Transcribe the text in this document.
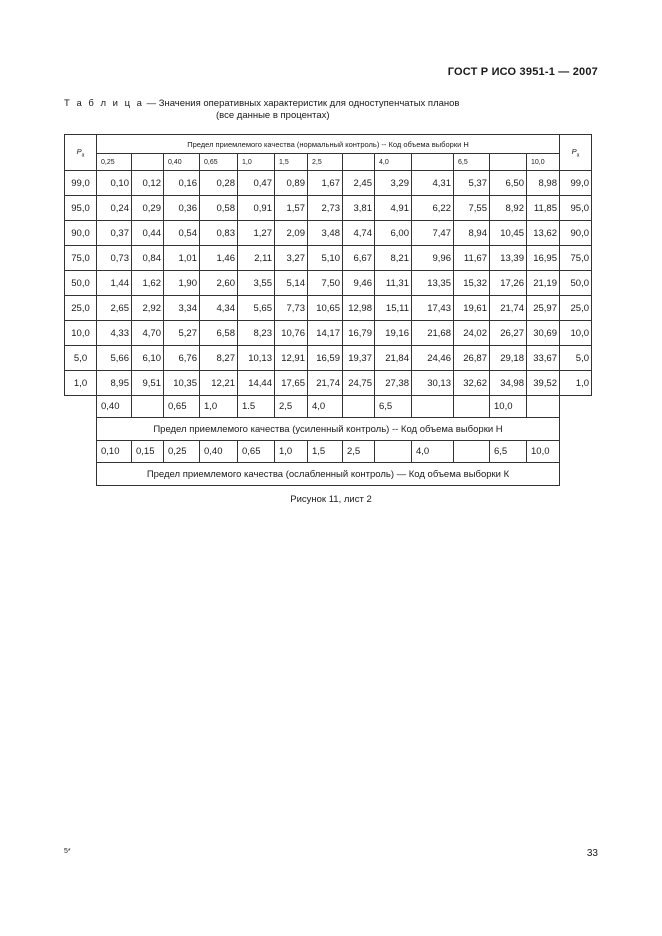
ГОСТ Р ИСО 3951-1 — 2007
Т а б л и ц а — Значения оперативных характеристик для одноступенчатых планов
(все данные в процентах)
$P_a$	Предел приемлемого качества (нормальный контроль) -- Код объема выборки Н													$P_a$
	0,25		0,40	0,65	1,0	1,5	2,5		4,0		6,5		10,0	
99,0	0,10	0,12	0,16	0,28	0,47	0,89	1,67	2,45	3,29	4,31	5,37	6,50	8,98	99,0
95,0	0,24	0,29	0,36	0,58	0,91	1,57	2,73	3,81	4,91	6,22	7,55	8,92	11,85	95,0
90,0	0,37	0,44	0,54	0,83	1,27	2,09	3,48	4,74	6,00	7,47	8,94	10,45	13,62	90,0
75,0	0,73	0,84	1,01	1,46	2,11	3,27	5,10	6,67	8,21	9,96	11,67	13,39	16,95	75,0
50,0	1,44	1,62	1,90	2,60	3,55	5,14	7,50	9,46	11,31	13,35	15,32	17,26	21,19	50,0
25,0	2,65	2,92	3,34	4,34	5,65	7,73	10,65	12,98	15,11	17,43	19,61	21,74	25,97	25,0
10,0	4,33	4,70	5,27	6,58	8,23	10,76	14,17	16,79	19,16	21,68	24,02	26,27	30,69	10,0
5,0	5,66	6,10	6,76	8,27	10,13	12,91	16,59	19,37	21,84	24,46	26,87	29,18	33,67	5,0
1,0	8,95	9,51	10,35	12,21	14,44	17,65	21,74	24,75	27,38	30,13	32,62	34,98	39,52	1,0
	0,40		0,65	1,0	1.5	2,5	4,0		6,5			10,0		
	Предел приемлемого качества (усиленный контроль) -- Код объема выборки Н													
	0,10	0,15	0,25	0,40	0,65	1,0	1,5	2,5		4,0		6,5	10,0	
	Предел приемлемого качества (ослабленный контроль) — Код объема выборки К													
Рисунок 11, лист 2
5*	33
